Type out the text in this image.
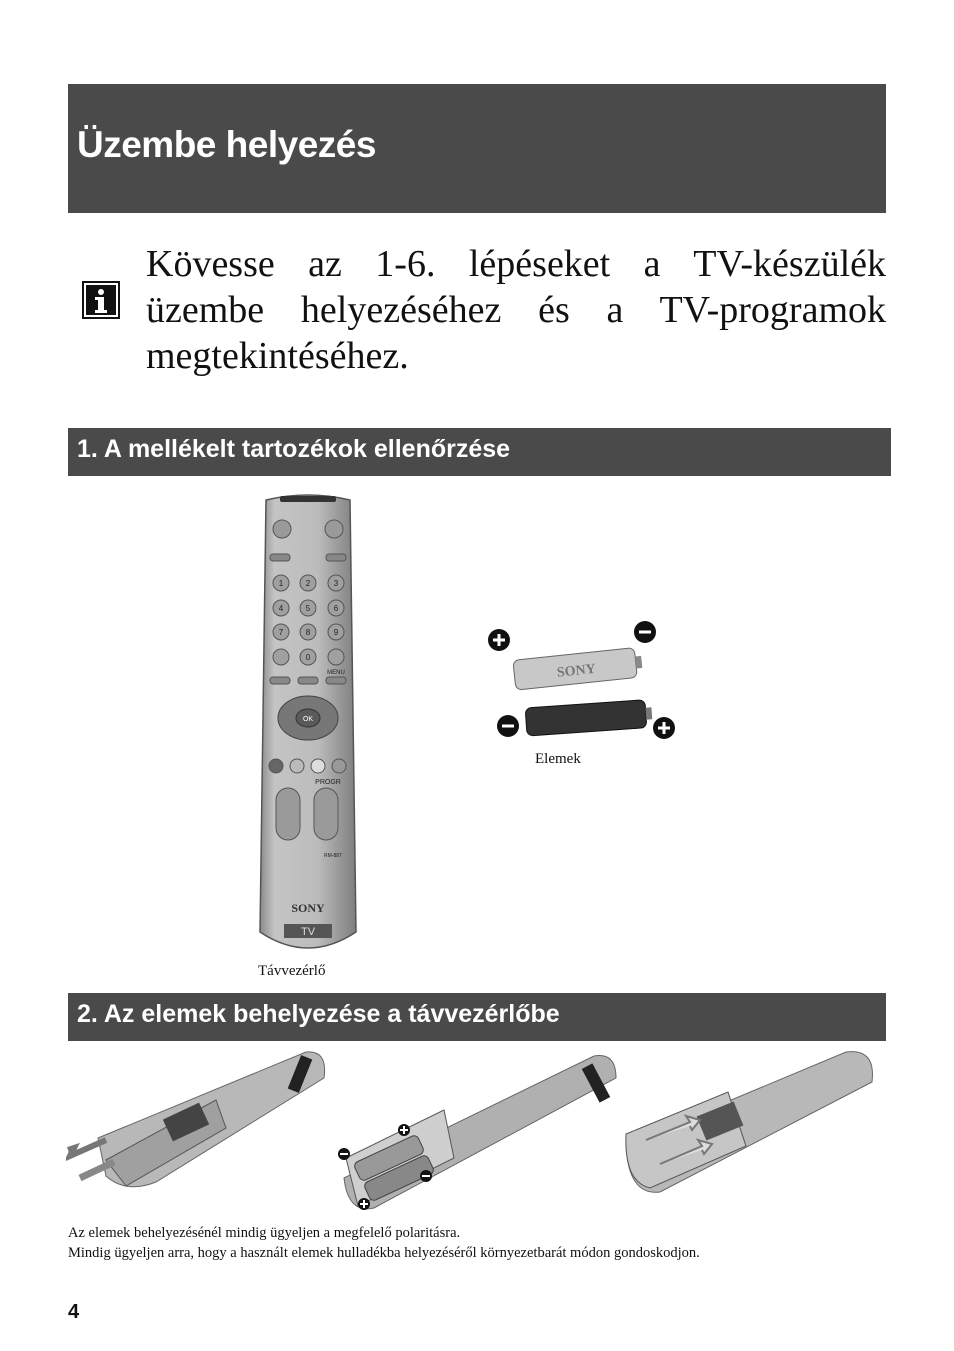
Üzembe helyezés

Kövesse az 1-6. lépéseket a TV-készülék üzembe helyezéséhez és a TV-programok megtekintéséhez.

1. A mellékelt tartozékok ellenőrzése
1	2	3
4	5	6
7	8	9
0
MENU
OK
PROGR
RM-887
SONY
TV
Távvezérlő
SONY
Elemek
2. Az elemek behelyezése a távvezérlőbe

Az elemek behelyezésénél mindig ügyeljen a megfelelő polaritásra.
Mindig ügyeljen arra, hogy a használt elemek hulladékba helyezéséről környezetbarát módon gondoskodjon.

4
